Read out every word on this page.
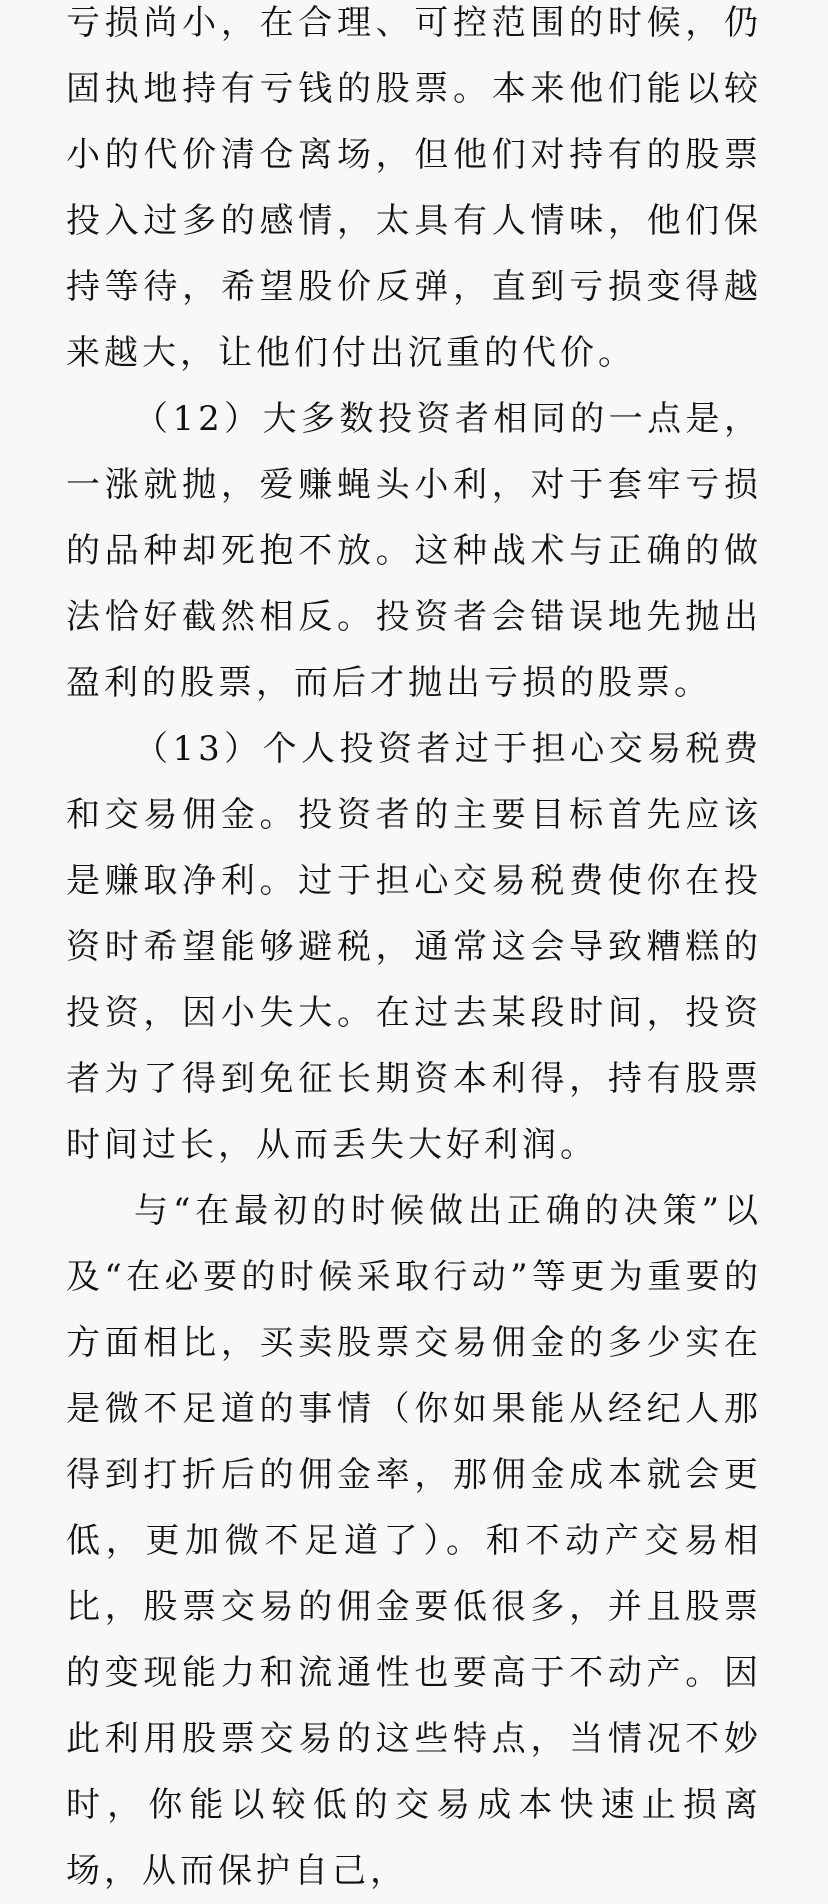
亏损尚小，在合理、可控范围的时候，仍固执地持有亏钱的股票。本来他们能以较小的代价清仓离场，但他们对持有的股票投入过多的感情，太具有人情味，他们保持等待，希望股价反弹，直到亏损变得越来越大，让他们付出沉重的代价。

（12）大多数投资者相同的一点是，一涨就抛，爱赚蝇头小利，对于套牢亏损的品种却死抱不放。这种战术与正确的做法恰好截然相反。投资者会错误地先抛出盈利的股票，而后才抛出亏损的股票。

（13）个人投资者过于担心交易税费和交易佣金。投资者的主要目标首先应该是赚取净利。过于担心交易税费使你在投资时希望能够避税，通常这会导致糟糕的投资，因小失大。在过去某段时间，投资者为了得到免征长期资本利得，持有股票时间过长，从而丢失大好利润。

与“在最初的时候做出正确的决策”以及“在必要的时候采取行动”等更为重要的方面相比，买卖股票交易佣金的多少实在是微不足道的事情（你如果能从经纪人那得到打折后的佣金率，那佣金成本就会更低，更加微不足道了）。和不动产交易相比，股票交易的佣金要低很多，并且股票的变现能力和流通性也要高于不动产。因此利用股票交易的这些特点，当情况不妙时，你能以较低的交易成本快速止损离场，从而保护自己，
